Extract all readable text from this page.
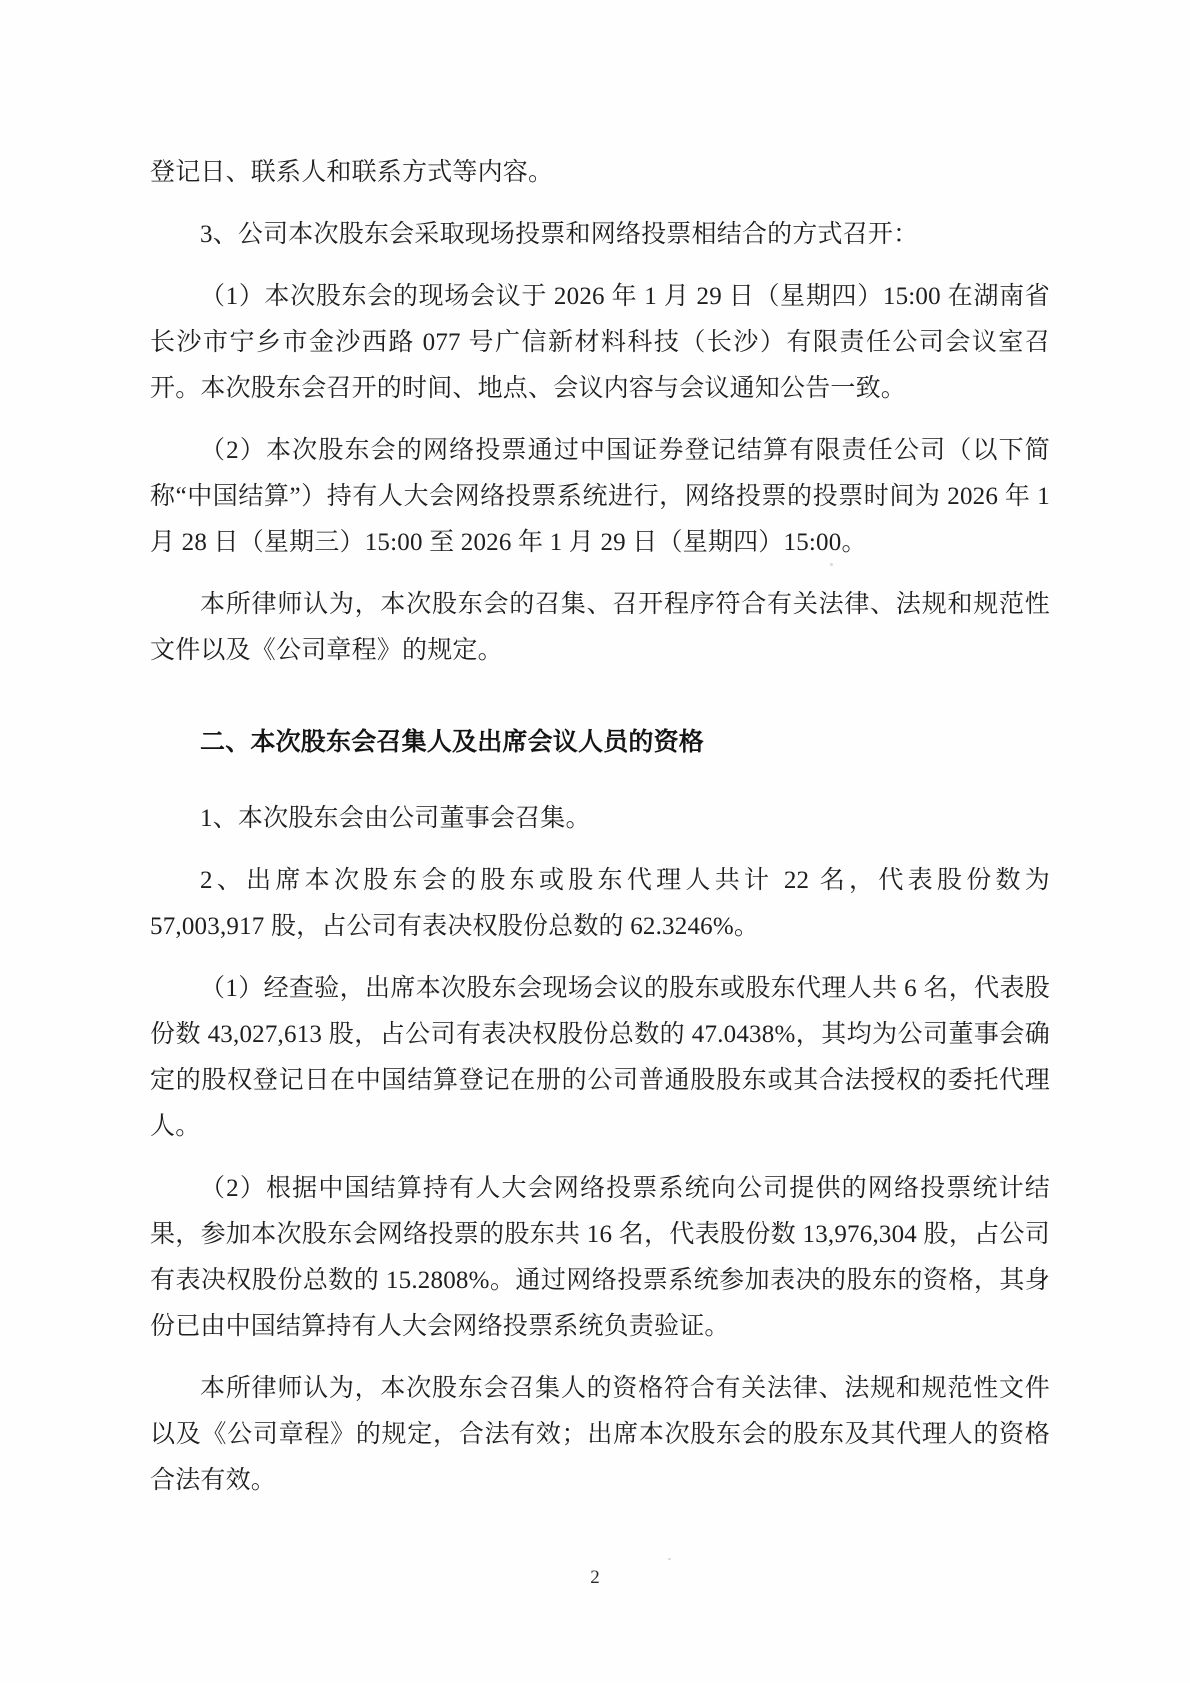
登记日、联系人和联系方式等内容。

3、公司本次股东会采取现场投票和网络投票相结合的方式召开：

（1）本次股东会的现场会议于 2026 年 1 月 29 日（星期四）15:00 在湖南省长沙市宁乡市金沙西路 077 号广信新材料科技（长沙）有限责任公司会议室召开。本次股东会召开的时间、地点、会议内容与会议通知公告一致。

（2）本次股东会的网络投票通过中国证券登记结算有限责任公司（以下简称“中国结算”）持有人大会网络投票系统进行，网络投票的投票时间为 2026 年 1 月 28 日（星期三）15:00 至 2026 年 1 月 29 日（星期四）15:00。

本所律师认为，本次股东会的召集、召开程序符合有关法律、法规和规范性文件以及《公司章程》的规定。

二、本次股东会召集人及出席会议人员的资格

1、本次股东会由公司董事会召集。

2、出席本次股东会的股东或股东代理人共计 22 名，代表股份数为 57,003,917 股，占公司有表决权股份总数的 62.3246%。

（1）经查验，出席本次股东会现场会议的股东或股东代理人共 6 名，代表股份数 43,027,613 股，占公司有表决权股份总数的 47.0438%，其均为公司董事会确定的股权登记日在中国结算登记在册的公司普通股股东或其合法授权的委托代理人。

（2）根据中国结算持有人大会网络投票系统向公司提供的网络投票统计结果，参加本次股东会网络投票的股东共 16 名，代表股份数 13,976,304 股，占公司有表决权股份总数的 15.2808%。通过网络投票系统参加表决的股东的资格，其身份已由中国结算持有人大会网络投票系统负责验证。

本所律师认为，本次股东会召集人的资格符合有关法律、法规和规范性文件以及《公司章程》的规定，合法有效；出席本次股东会的股东及其代理人的资格合法有效。

2
